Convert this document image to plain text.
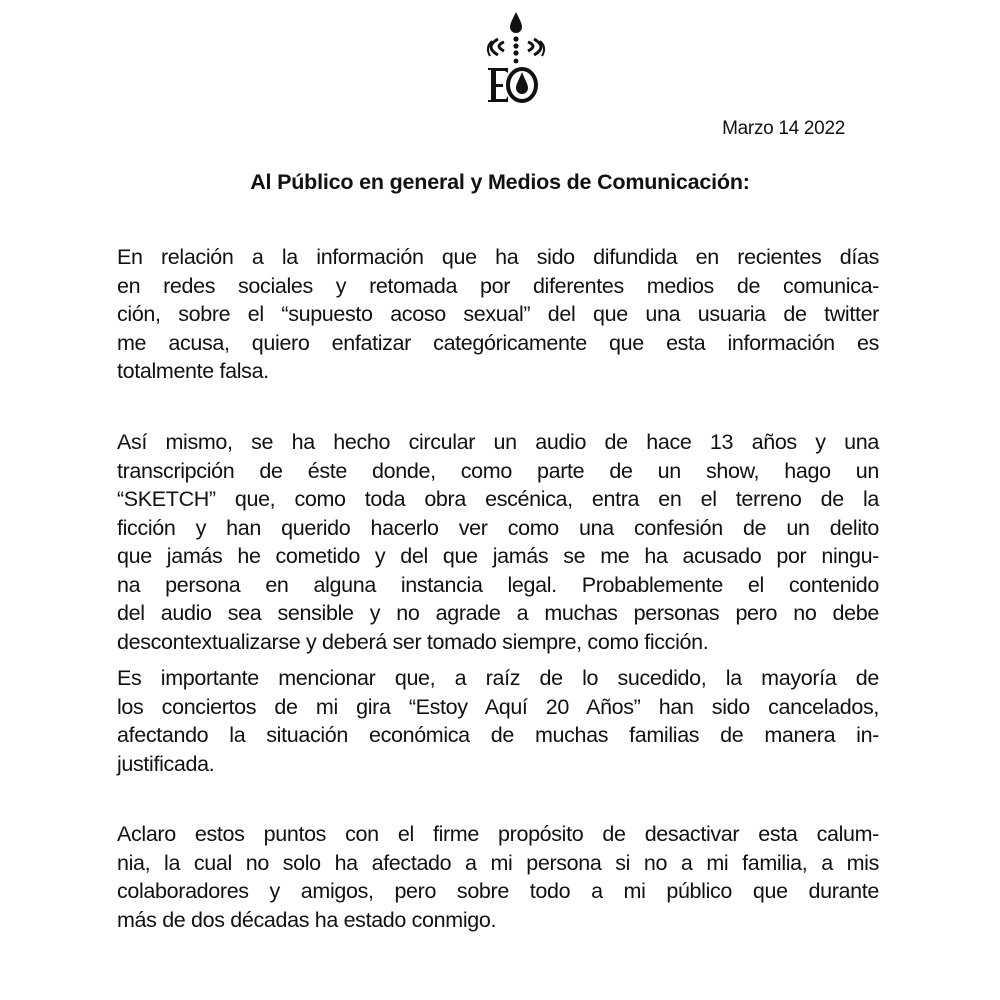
Marzo 14 2022
Al Público en general y Medios de Comunicación:
En relación a la información que ha sido difundida en recientes días
en redes sociales y retomada por diferentes medios de comunica-
ción, sobre el “supuesto acoso sexual” del que una usuaria de twitter
me acusa, quiero enfatizar categóricamente que esta información es
totalmente falsa.
Así mismo, se ha hecho circular un audio de hace 13 años y una
transcripción de éste donde, como parte de un show, hago un
“SKETCH” que, como toda obra escénica, entra en el terreno de la
ficción y han querido hacerlo ver como una confesión de un delito
que jamás he cometido y del que jamás se me ha acusado por ningu-
na persona en alguna instancia legal. Probablemente el contenido
del audio sea sensible y no agrade a muchas personas pero no debe
descontextualizarse y deberá ser tomado siempre, como ficción.
Es importante mencionar que, a raíz de lo sucedido, la mayoría de
los conciertos de mi gira “Estoy Aquí 20 Años” han sido cancelados,
afectando la situación económica de muchas familias de manera in-
justificada.
Aclaro estos puntos con el firme propósito de desactivar esta calum-
nia, la cual no solo ha afectado a mi persona si no a mi familia, a mis
colaboradores y amigos, pero sobre todo a mi público que durante
más de dos décadas ha estado conmigo.
